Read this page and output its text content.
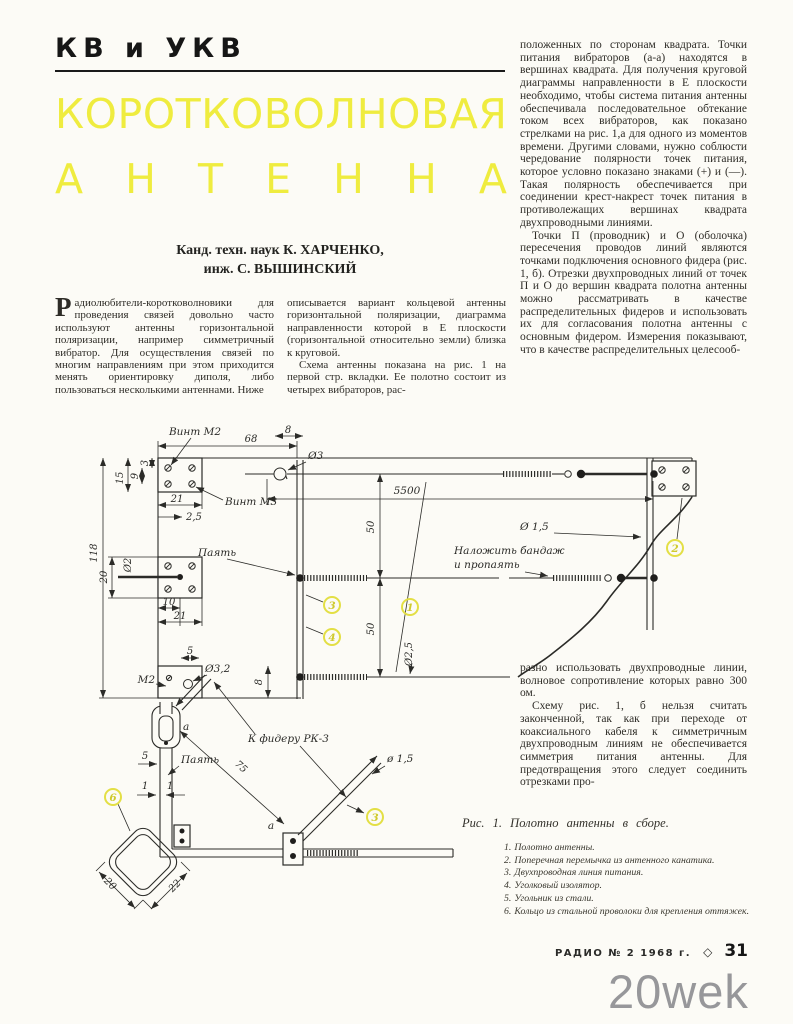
КВ и УКВ
К О Р О Т К О В О Л Н О В А Я
А Н Т Е Н Н А
Канд. техн. наук К. ХАРЧЕНКО,
инж. С. ВЫШИНСКИЙ

Радиолюбители-коротковолновики для проведения связей довольно часто используют антенны горизонтальной поляризации, например симметричный вибратор. Для осуществления связей по многим направлениям при этом приходится менять ориентировку диполя, либо пользоваться несколькими антеннами. Ниже

описывается вариант кольцевой антенны горизонтальной поляризации, диаграмма направленности которой в Е плоскости (горизонтальной относительно земли) близка к круговой.

Схема антенны показана на рис. 1 на первой стр. вкладки. Ее полотно состоит из четырех вибраторов, рас-

положенных по сторонам квадрата. Точки питания вибраторов (а-а) находятся в вершинах квадрата. Для получения круговой диаграммы направленности в Е плоскости необходимо, чтобы система питания антенны обеспечивала последовательное обтекание током всех вибраторов, как показано стрелками на рис. 1,а для одного из моментов времени. Другими словами, нужно соблюсти чередование полярности точек питания, которое условно показано знаками (+) и (—). Такая полярность обеспечивается при соединении крест-накрест точек питания в противолежащих вершинах квадрата двухпроводными линиями.

Точки П (проводник) и О (оболочка) пересечения проводов линий являются точками подключения основного фидера (рис. 1, б). Отрезки двухпроводных линий от точек П и О до вершин квадрата полотна антенны можно рассматривать в качестве распределительных фидеров и использовать их для согласования полотна антенны с основным фидером. Измерения показывают, что в качестве распределительных целесооб-

разно использовать двухпроводные линии, волновое сопротивление которых равно 300 ом.

Схему рис. 1, б нельзя считать законченной, так как при переходе от коаксиального кабеля к симметричным двухпроводным линиям не обеспечивается симметрия питания антенны. Для предотвращения этого следует соединить отрезками про-

68
8
Ø3
Винт М2
Винт М3
15 9
3
21
2,5
118
20
Ø2
10
21
5
М2
Ø3,2
8
5500
Ø 1,5
Наложить бандаж
и пропаять
Паять
50
50
Ø2,5
1
3
4
2
6
3
а
20	22
5	Паять
1 1
а
ø 1,5
75
К фидеру РК-3
Рис. 1. Полотно антенны в сборе.

1. Полотно антенны.

2. Поперечная перемычка из антенного канатика.

3. Двухпроводная линия питания.

4. Уголковый изолятор.

5. Угольник из стали.

6. Кольцо из стальной проволоки для крепления оттяжек.

РАДИО № 2 1968 г. ◇ 31
20wek
